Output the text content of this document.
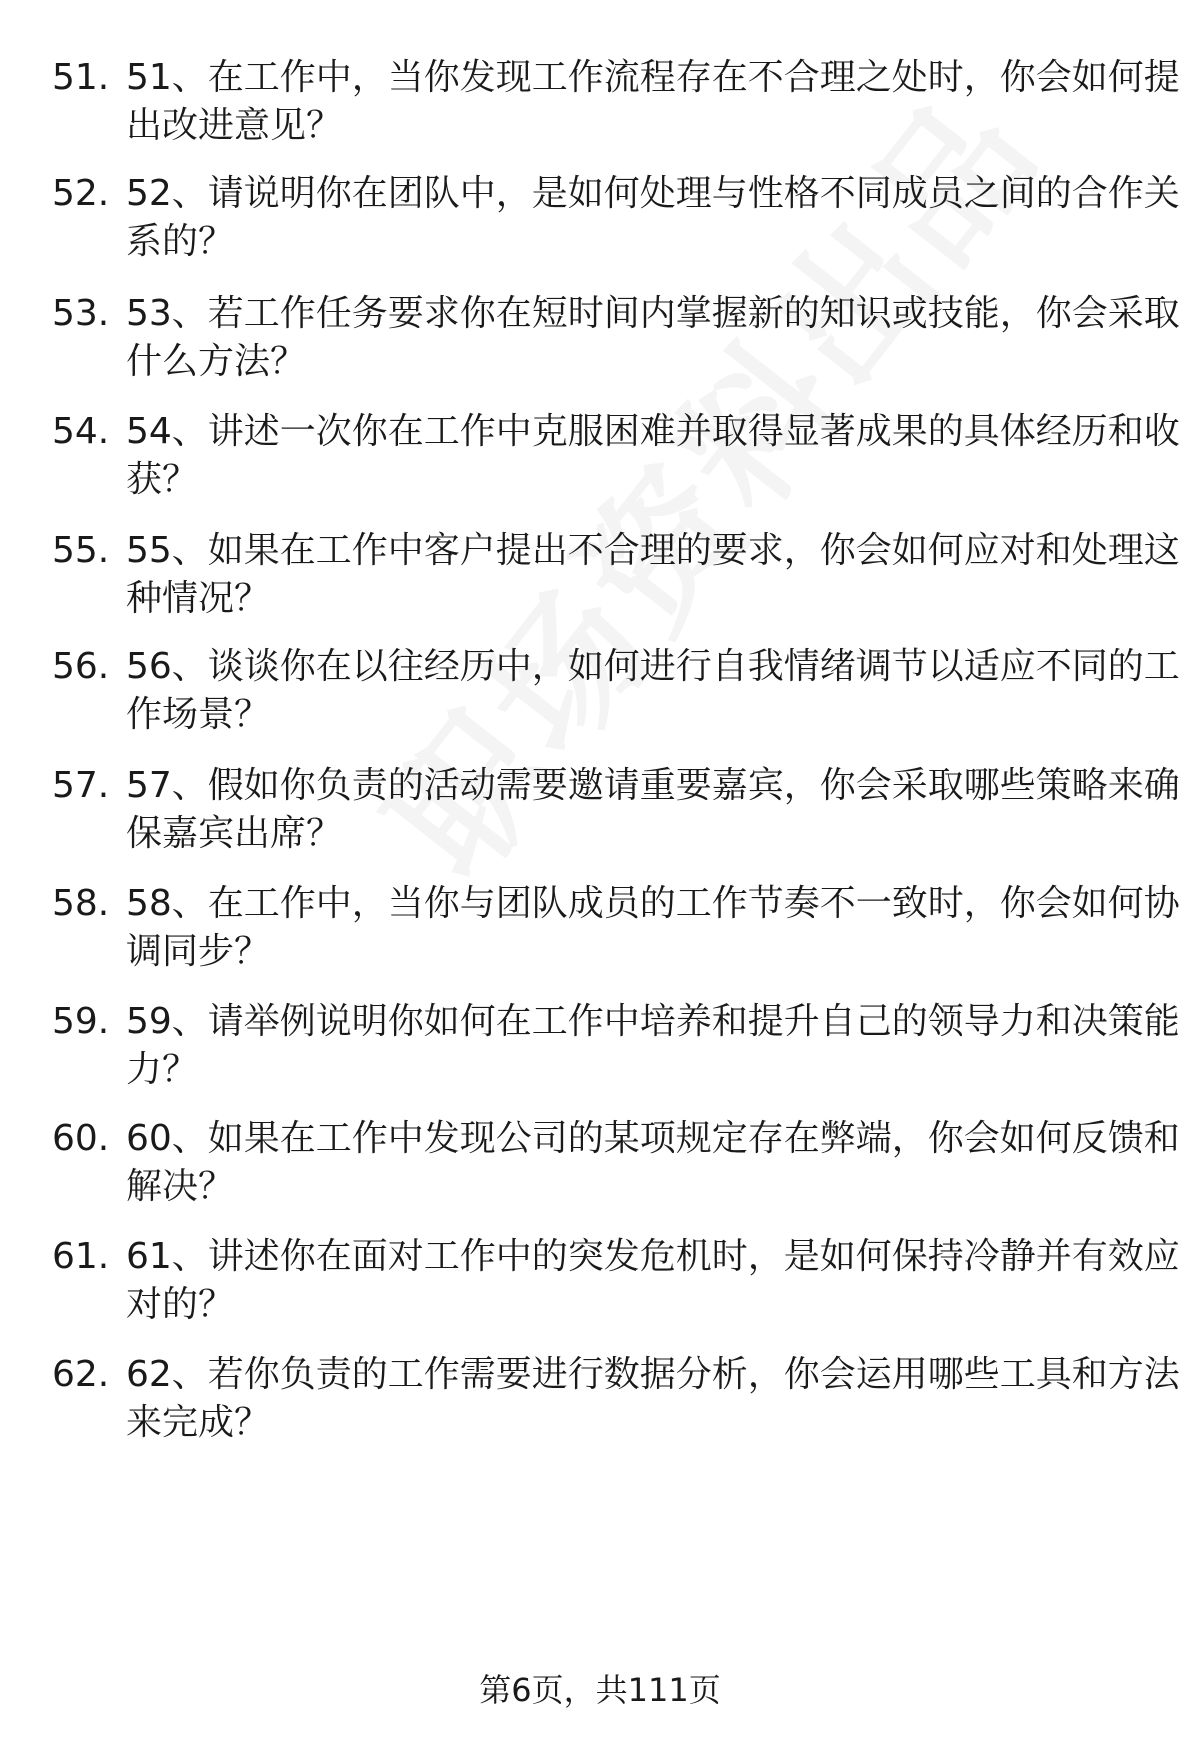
51. 51、在工作中，当你发现工作流程存在不合理之处时，你会如何提出改进意见？
52. 52、请说明你在团队中，是如何处理与性格不同成员之间的合作关系的？
53. 53、若工作任务要求你在短时间内掌握新的知识或技能，你会采取什么方法？
54. 54、讲述一次你在工作中克服困难并取得显著成果的具体经历和收获？
55. 55、如果在工作中客户提出不合理的要求，你会如何应对和处理这种情况？
56. 56、谈谈你在以往经历中，如何进行自我情绪调节以适应不同的工作场景？
57. 57、假如你负责的活动需要邀请重要嘉宾，你会采取哪些策略来确保嘉宾出席？
58. 58、在工作中，当你与团队成员的工作节奏不一致时，你会如何协调同步？
59. 59、请举例说明你如何在工作中培养和提升自己的领导力和决策能力？
60. 60、如果在工作中发现公司的某项规定存在弊端，你会如何反馈和解决？
61. 61、讲述你在面对工作中的突发危机时，是如何保持冷静并有效应对的？
62. 62、若你负责的工作需要进行数据分析，你会运用哪些工具和方法来完成？
第6页，共111页
